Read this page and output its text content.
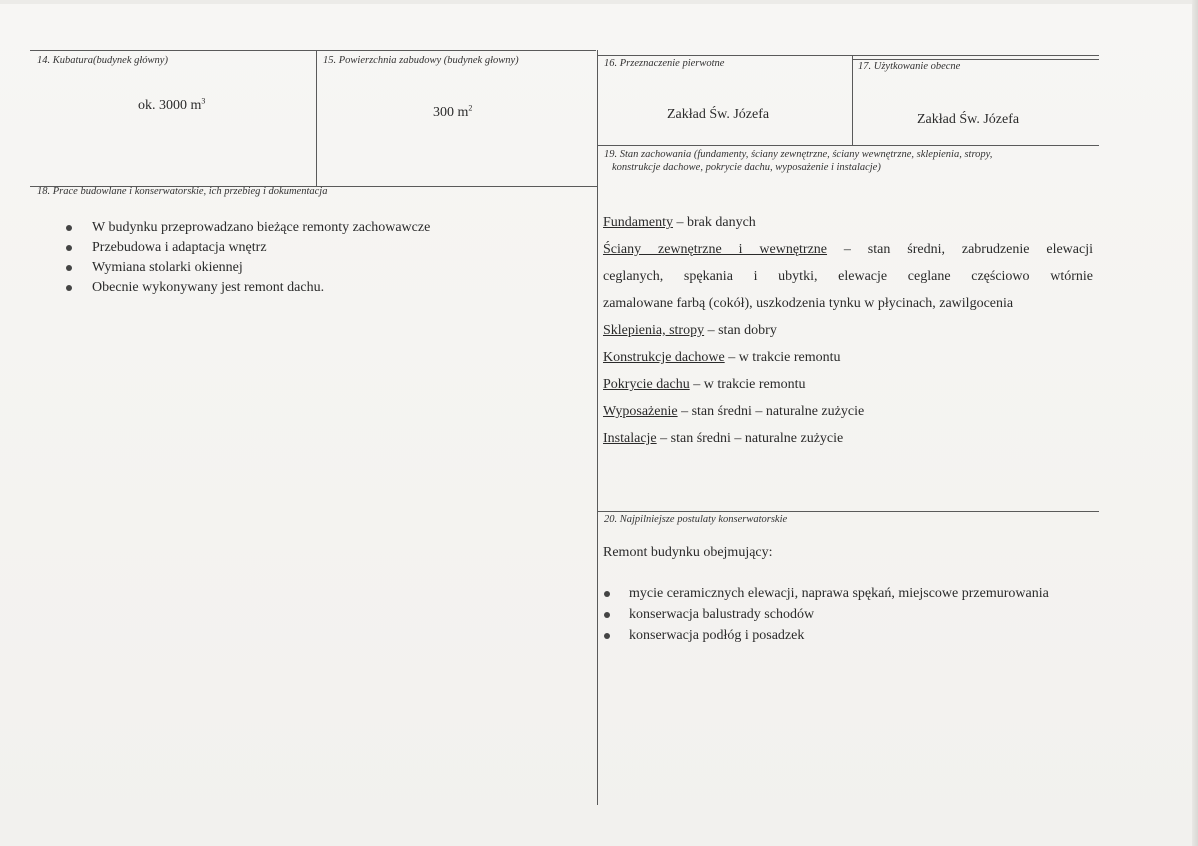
14. Kubatura(budynek główny)
ok. 3000 $m^3$
15. Powierzchnia zabudowy (budynek głowny)
300 $m^2$
16. Przeznaczenie pierwotne
Zakład Św. Józefa
17. Użytkowanie obecne
Zakład Św. Józefa
18. Prace budowlane i konserwatorskie, ich przebieg i dokumentacja
W budynku przeprowadzano bieżące remonty zachowawcze
Przebudowa i adaptacja wnętrz
Wymiana stolarki okiennej
Obecnie wykonywany jest remont dachu.
19. Stan zachowania (fundamenty, ściany zewnętrzne, ściany wewnętrzne, sklepienia, stropy,
konstrukcje dachowe, pokrycie dachu, wyposażenie i instalacje)
Fundamenty – brak danych
Ściany zewnętrzne i wewnętrzne – stan średni, zabrudzenie elewacji
ceglanych, spękania i ubytki, elewacje ceglane częściowo wtórnie
zamalowane farbą (cokół), uszkodzenia tynku w płycinach, zawilgocenia
Sklepienia, stropy – stan dobry
Konstrukcje dachowe – w trakcie remontu
Pokrycie dachu – w trakcie remontu
Wyposażenie – stan średni – naturalne zużycie
Instalacje – stan średni – naturalne zużycie
20. Najpilniejsze postulaty konserwatorskie
Remont budynku obejmujący:
mycie ceramicznych elewacji, naprawa spękań, miejscowe przemurowania
konserwacja balustrady schodów
konserwacja podłóg i posadzek
